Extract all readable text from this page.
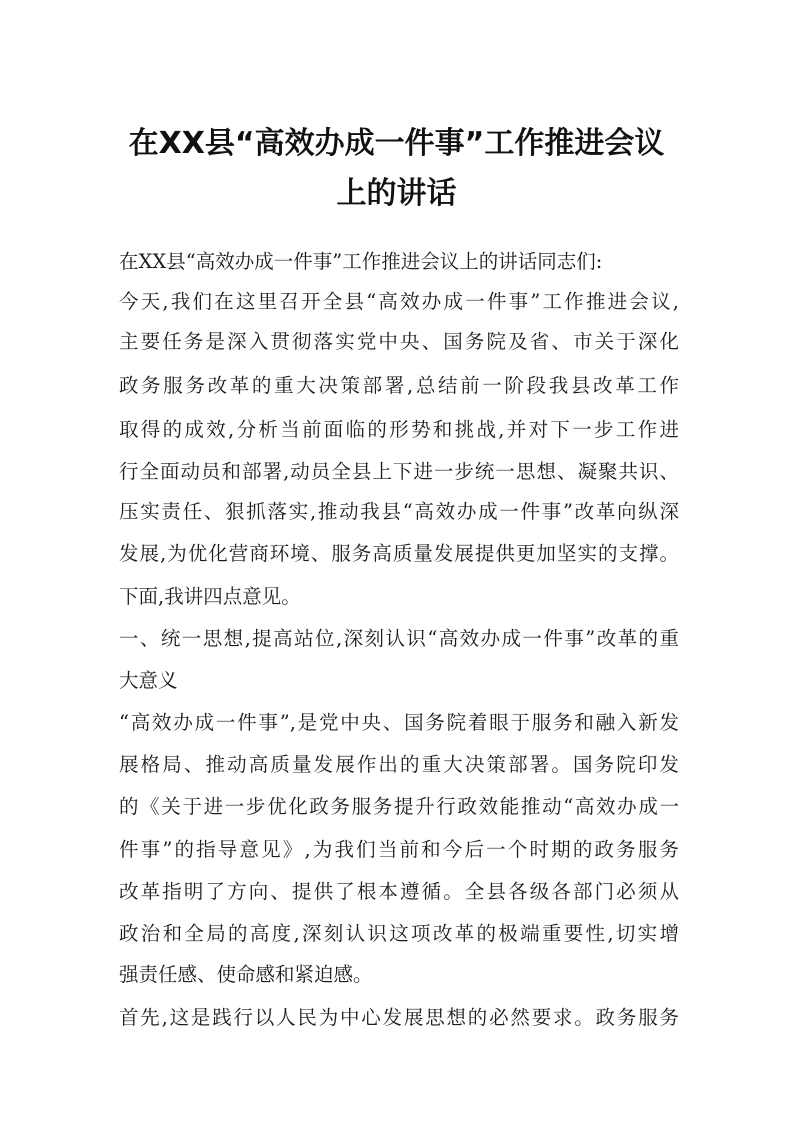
在XX县“高效办成一件事”工作推进会议
上的讲话
在XX县“高效办成一件事”工作推进会议上的讲话同志们:
今天,我们在这里召开全县“高效办成一件事”工作推进会议,
主要任务是深入贯彻落实党中央、国务院及省、市关于深化
政务服务改革的重大决策部署,总结前一阶段我县改革工作
取得的成效,分析当前面临的形势和挑战,并对下一步工作进
行全面动员和部署,动员全县上下进一步统一思想、凝聚共识、
压实责任、狠抓落实,推动我县“高效办成一件事”改革向纵深
发展,为优化营商环境、服务高质量发展提供更加坚实的支撑。
下面,我讲四点意见。
一、统一思想,提高站位,深刻认识“高效办成一件事”改革的重
大意义
“高效办成一件事”,是党中央、国务院着眼于服务和融入新发
展格局、推动高质量发展作出的重大决策部署。国务院印发
的《关于进一步优化政务服务提升行政效能推动“高效办成一
件事”的指导意见》,为我们当前和今后一个时期的政务服务
改革指明了方向、提供了根本遵循。全县各级各部门必须从
政治和全局的高度,深刻认识这项改革的极端重要性,切实增
强责任感、使命感和紧迫感。
首先,这是践行以人民为中心发展思想的必然要求。政务服务
